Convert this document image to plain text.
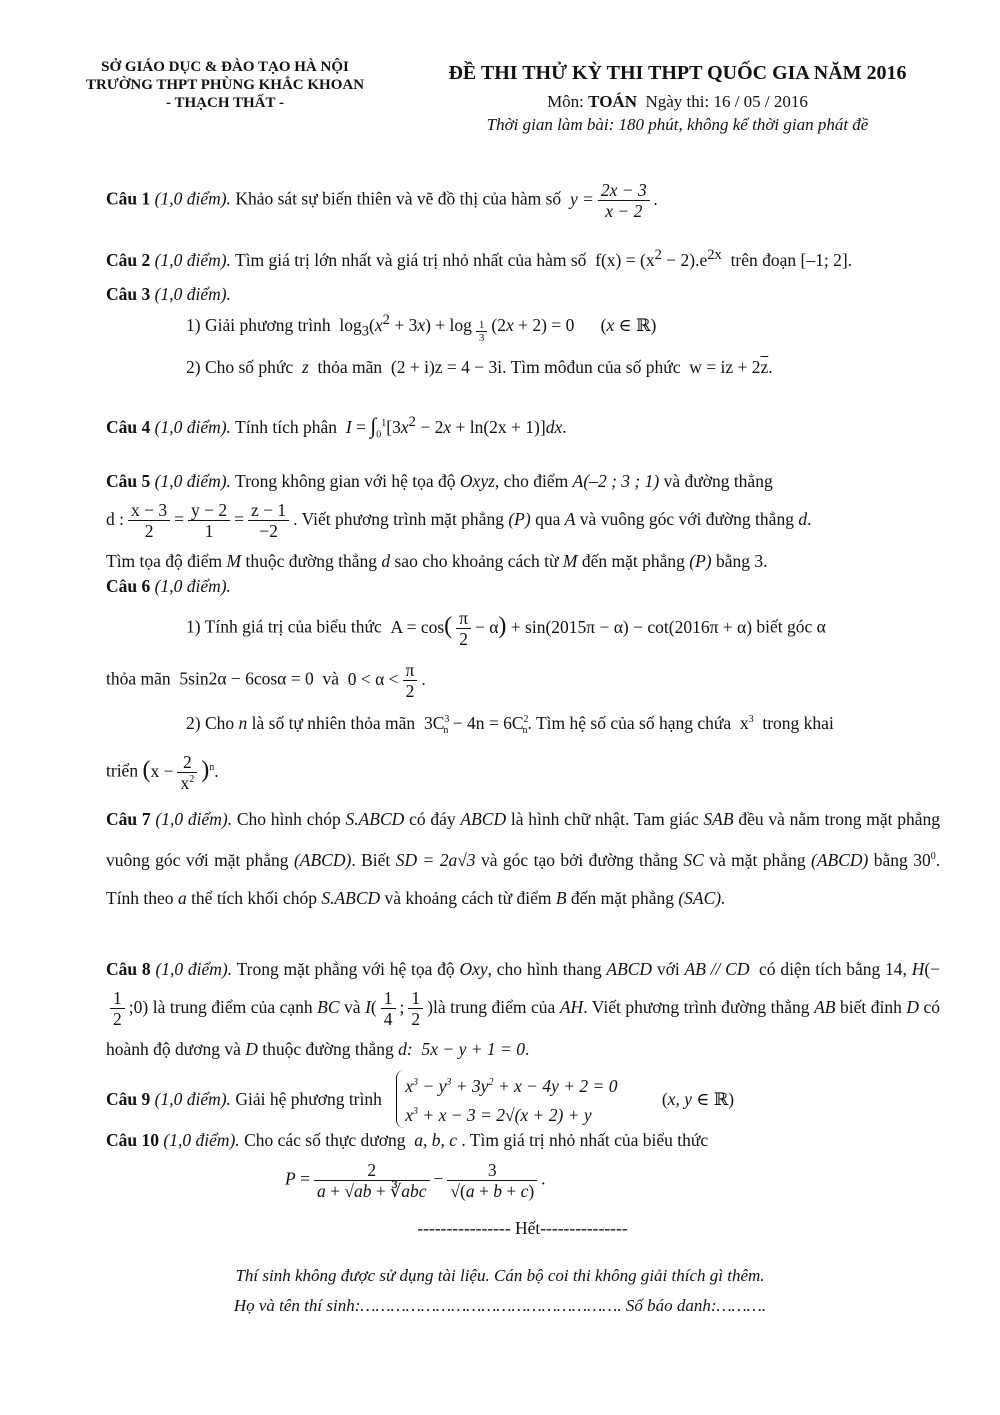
SỞ GIÁO DỤC & ĐÀO TẠO HÀ NỘI
TRƯỜNG THPT PHÙNG KHẮC KHOAN
- THẠCH THẤT -
ĐỀ THI THỬ KỲ THI THPT QUỐC GIA NĂM 2016
Môn: TOÁN Ngày thi: 16 / 05 / 2016
Thời gian làm bài: 180 phút, không kể thời gian phát đề
Câu 1 (1,0 điểm). Khảo sát sự biến thiên và vẽ đồ thị của hàm số  $y = \frac{2x - 3}{x - 2}$ .
Câu 2 (1,0 điểm). Tìm giá trị lớn nhất và giá trị nhỏ nhất của hàm số  $f(x) = (x^2 - 2).e^{2x}$ trên đoạn [–1; 2].
Câu 3 (1,0 điểm).
1) Giải phương trình  $\log_3(x^2 + 3x) + \log _{\frac{1}{3}}$ (2x + 2) = 0      (x ∈ ℝ)
2) Cho số phức  z  thỏa mãn  (2 + i)z = 4 − 3i. Tìm môđun của số phức  w = iz + $2\overline{z}$.
Câu 4 (1,0 điểm). Tính tích phân $I = \int_0^1[3x^2 - 2x + \ln(2x + 1)]dx$.
Câu 5 (1,0 điểm). Trong không gian với hệ tọa độ Oxyz, cho điểm A(–2 ; 3 ; 1) và đường thẳng
d : $\frac{x - 3}{2} = \frac{y - 2}{1} = \frac{z - 1}{-2}$ . Viết phương trình mặt phẳng (P) qua A và vuông góc với đường thẳng d.
Tìm tọa độ điểm M thuộc đường thẳng d sao cho khoảng cách từ M đến mặt phẳng (P) bằng 3.
Câu 6 (1,0 điểm).
1) Tính giá trị của biểu thức  $A = \cos( \frac{\pi}{2} - \alpha) + \sin(2015\pi - \alpha) - \cot(2016\pi + \alpha)$ biết góc α
thỏa mãn  5sin2α − 6cosα = 0  và  $0 < \alpha < \frac{\pi}{2}$ .
2) Cho n là số tự nhiên thỏa mãn  $3C^3_n - 4n = 6C^2_n$. Tìm hệ số của số hạng chứa  $x^3$ trong khai
triển $(x - \frac{2}{x^2} )^n$.
Câu 7 (1,0 điểm). Cho hình chóp S.ABCD có đáy ABCD là hình chữ nhật. Tam giác SAB đều và nằm trong mặt phẳng vuông góc với mặt phẳng (ABCD). Biết SD = 2a√3 và góc tạo bởi đường thẳng SC và mặt phẳng (ABCD) bằng $30^0$. Tính theo a thể tích khối chóp S.ABCD và khoảng cách từ điểm B đến mặt phẳng (SAC).
Câu 8 (1,0 điểm). Trong mặt phẳng với hệ tọa độ Oxy, cho hình thang ABCD với AB // CD có diện tích bằng 14, H(−
$\frac{1}{2}$ ;0) là trung điểm của cạnh BC và $I( \frac{1}{4}$ ; $\frac{1}{2}$ )là trung điểm của AH. Viết phương trình đường thẳng AB biết đỉnh D có hoành độ dương và D thuộc đường thẳng d:  5x − y + 1 = 0.
Câu 9 (1,0 điểm). Giải hệ phương trình
$x^3 - y^3 + 3y^2 + x - 4y + 2 = 0$
$x^3 + x - 3 = 2√(x + 2) + y$
(x, y ∈ ℝ)
Câu 10 (1,0 điểm). Cho các số thực dương  a, b, c . Tìm giá trị nhỏ nhất của biểu thức
$P = \frac{2}{\text{a + √ab + ∛abc}} - \frac{3}{√(a + b + c)}$ .
---------------- Hết---------------
Thí sinh không được sử dụng tài liệu. Cán bộ coi thi không giải thích gì thêm.
Họ và tên thí sinh:……………………………………………. Số báo danh:……….
